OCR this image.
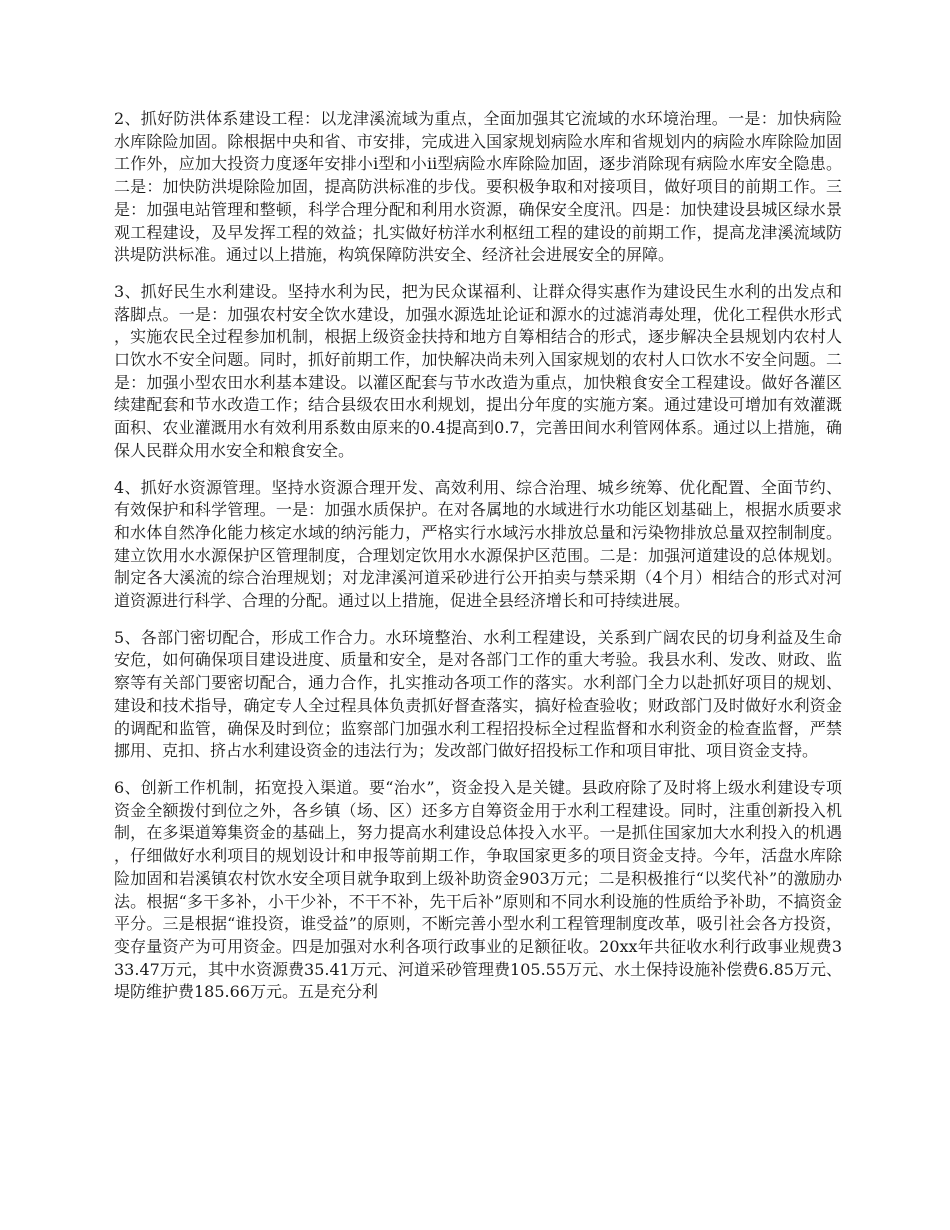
2、抓好防洪体系建设工程：以龙津溪流域为重点，全面加强其它流域的水环境治理。一是：加快病险水库除险加固。除根据中央和省、市安排，完成进入国家规划病险水库和省规划内的病险水库除险加固工作外，应加大投资力度逐年安排小ⅰ型和小ⅱ型病险水库除险加固，逐步消除现有病险水库安全隐患。二是：加快防洪堤除险加固，提高防洪标准的步伐。要积极争取和对接项目，做好项目的前期工作。三是：加强电站管理和整顿，科学合理分配和利用水资源，确保安全度汛。四是：加快建设县城区绿水景观工程建设，及早发挥工程的效益；扎实做好枋洋水利枢纽工程的建设的前期工作，提高龙津溪流域防洪堤防洪标准。通过以上措施，构筑保障防洪安全、经济社会进展安全的屏障。

3、抓好民生水利建设。坚持水利为民，把为民众谋福利、让群众得实惠作为建设民生水利的出发点和落脚点。一是：加强农村安全饮水建设，加强水源选址论证和源水的过滤消毒处理，优化工程供水形式，实施农民全过程参加机制，根据上级资金扶持和地方自筹相结合的形式，逐步解决全县规划内农村人口饮水不安全问题。同时，抓好前期工作，加快解决尚未列入国家规划的农村人口饮水不安全问题。二是：加强小型农田水利基本建设。以灌区配套与节水改造为重点，加快粮食安全工程建设。做好各灌区续建配套和节水改造工作；结合县级农田水利规划，提出分年度的实施方案。通过建设可增加有效灌溉面积、农业灌溉用水有效利用系数由原来的0.4提高到0.7，完善田间水利管网体系。通过以上措施，确保人民群众用水安全和粮食安全。

4、抓好水资源管理。坚持水资源合理开发、高效利用、综合治理、城乡统筹、优化配置、全面节约、有效保护和科学管理。一是：加强水质保护。在对各属地的水域进行水功能区划基础上，根据水质要求和水体自然净化能力核定水域的纳污能力，严格实行水域污水排放总量和污染物排放总量双控制制度。建立饮用水水源保护区管理制度，合理划定饮用水水源保护区范围。二是：加强河道建设的总体规划。制定各大溪流的综合治理规划；对龙津溪河道采砂进行公开拍卖与禁采期（4个月）相结合的形式对河道资源进行科学、合理的分配。通过以上措施，促进全县经济增长和可持续进展。

5、各部门密切配合，形成工作合力。水环境整治、水利工程建设，关系到广阔农民的切身利益及生命安危，如何确保项目建设进度、质量和安全，是对各部门工作的重大考验。我县水利、发改、财政、监察等有关部门要密切配合，通力合作，扎实推动各项工作的落实。水利部门全力以赴抓好项目的规划、建设和技术指导，确定专人全过程具体负责抓好督查落实，搞好检查验收；财政部门及时做好水利资金的调配和监管，确保及时到位；监察部门加强水利工程招投标全过程监督和水利资金的检查监督，严禁挪用、克扣、挤占水利建设资金的违法行为；发改部门做好招投标工作和项目审批、项目资金支持。

6、创新工作机制，拓宽投入渠道。要“治水”，资金投入是关键。县政府除了及时将上级水利建设专项资金全额拨付到位之外，各乡镇（场、区）还多方自筹资金用于水利工程建设。同时，注重创新投入机制，在多渠道筹集资金的基础上，努力提高水利建设总体投入水平。一是抓住国家加大水利投入的机遇，仔细做好水利项目的规划设计和申报等前期工作，争取国家更多的项目资金支持。今年，活盘水库除险加固和岩溪镇农村饮水安全项目就争取到上级补助资金903万元；二是积极推行“以奖代补”的激励办法。根据“多干多补，小干少补，不干不补，先干后补”原则和不同水利设施的性质给予补助，不搞资金平分。三是根据“谁投资，谁受益”的原则，不断完善小型水利工程管理制度改革，吸引社会各方投资，变存量资产为可用资金。四是加强对水利各项行政事业的足额征收。20xx年共征收水利行政事业规费333.47万元，其中水资源费35.41万元、河道采砂管理费105.55万元、水土保持设施补偿费6.85万元、堤防维护费185.66万元。五是充分利
